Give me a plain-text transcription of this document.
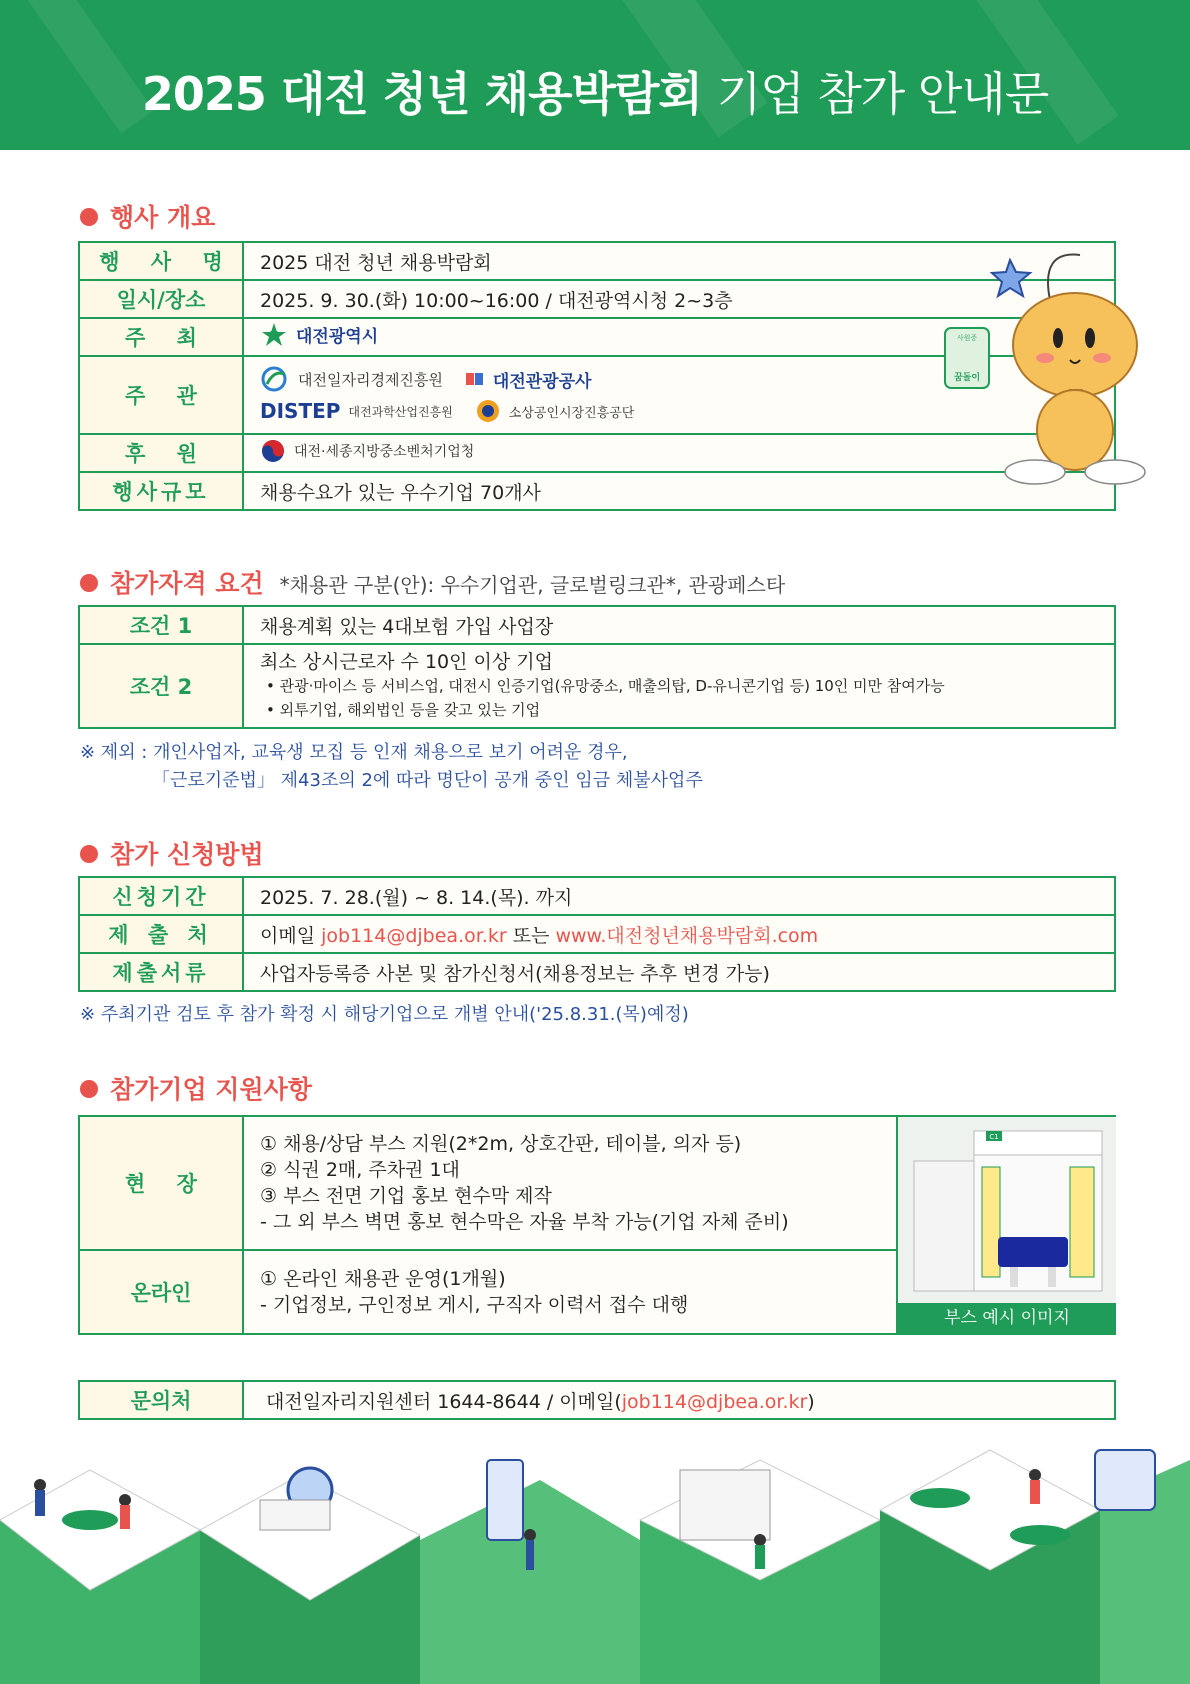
2025 대전 청년 채용박람회 기업 참가 안내문
행사 개요
행 사 명	2025 대전 청년 채용박람회
일시/장소	2025. 9. 30.(화) 10:00~16:00 / 대전광역시청 2~3층
주 최	대전광역시

주 관	대전일자리경제진흥원 대전관광공사
DISTEP 대전과학산업진흥원 소상공인시장진흥공단

후 원	대전·세종지방중소벤처기업청

행사규모	채용수요가 있는 우수기업 70개사
사원증
꿈돌이
참가자격 요건 *채용관 구분(안): 우수기업관, 글로벌링크관*, 관광페스타
조건 1	채용계획 있는 4대보험 가입 사업장
조건 2	최소 상시근로자 수 10인 이상 기업
• 관광·마이스 등 서비스업, 대전시 인증기업(유망중소, 매출의탑, D-유니콘기업 등) 10인 미만 참여가능
• 외투기업, 해외법인 등을 갖고 있는 기업
※ 제외 : 개인사업자, 교육생 모집 등 인재 채용으로 보기 어려운 경우,
「근로기준법」 제43조의 2에 따라 명단이 공개 중인 임금 체불사업주
참가 신청방법
신청기간	2025. 7. 28.(월) ~ 8. 14.(목). 까지
제 출 처	이메일 job114@djbea.or.kr 또는 www.대전청년채용박람회.com
제출서류	사업자등록증 사본 및 참가신청서(채용정보는 추후 변경 가능)
※ 주최기관 검토 후 참가 확정 시 해당기업으로 개별 안내('25.8.31.(목)예정)
참가기업 지원사항
현 장	① 채용/상담 부스 지원(2*2m, 상호간판, 테이블, 의자 등)
② 식권 2매, 주차권 1대
③ 부스 전면 기업 홍보 현수막 제작
- 그 외 부스 벽면 홍보 현수막은 자율 부착 가능(기업 자체 준비)

온라인	① 온라인 채용관 운영(1개월)
- 기업정보, 구인정보 게시, 구직자 이력서 접수 대행
C1
부스 예시 이미지
문의처	대전일자리지원센터 1644-8644 / 이메일(job114@djbea.or.kr)
